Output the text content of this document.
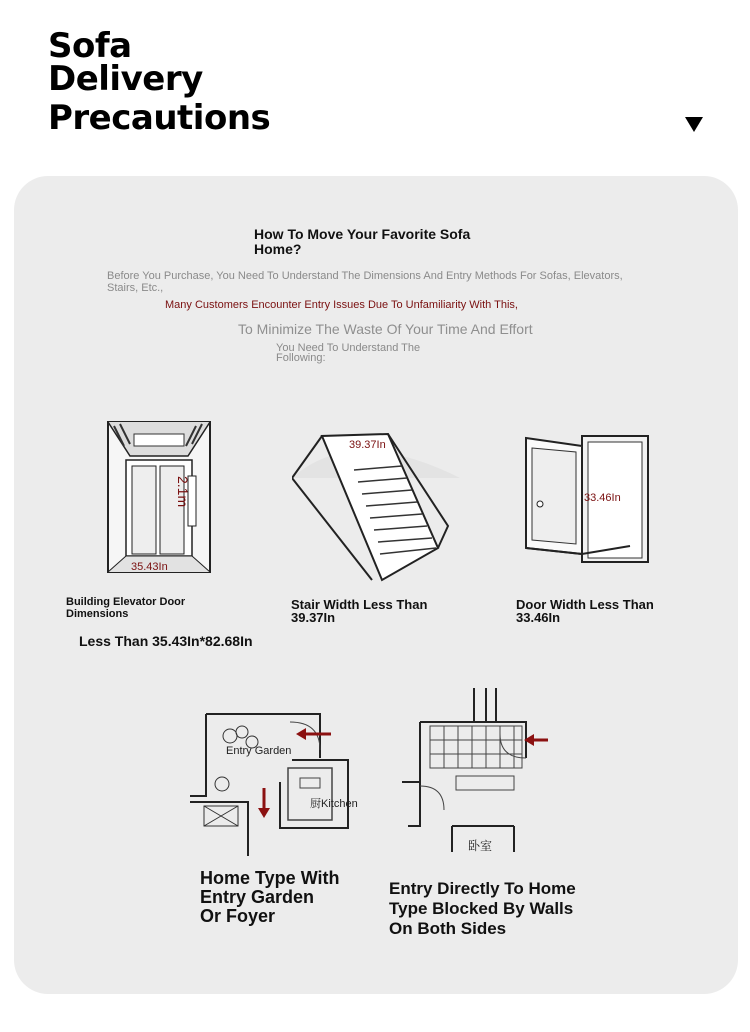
Sofa
Delivery
Precautions
How To Move Your Favorite Sofa Home?
Before You Purchase, You Need To Understand The Dimensions And Entry Methods For Sofas, Elevators, Stairs, Etc.,
Many Customers Encounter Entry Issues Due To Unfamiliarity With This,
To Minimize The Waste Of Your Time And Effort
You Need To Understand The Following:
2.1m
35.43In
Building Elevator Door Dimensions
Less Than 35.43In*82.68In
39.37In
Stair Width Less Than 39.37In
33.46In
Door Width Less Than 33.46In
Entry Garden
厨Kitchen
Home Type With Entry Garden Or Foyer
卧室
Entry Directly To Home Type Blocked By Walls On Both Sides
